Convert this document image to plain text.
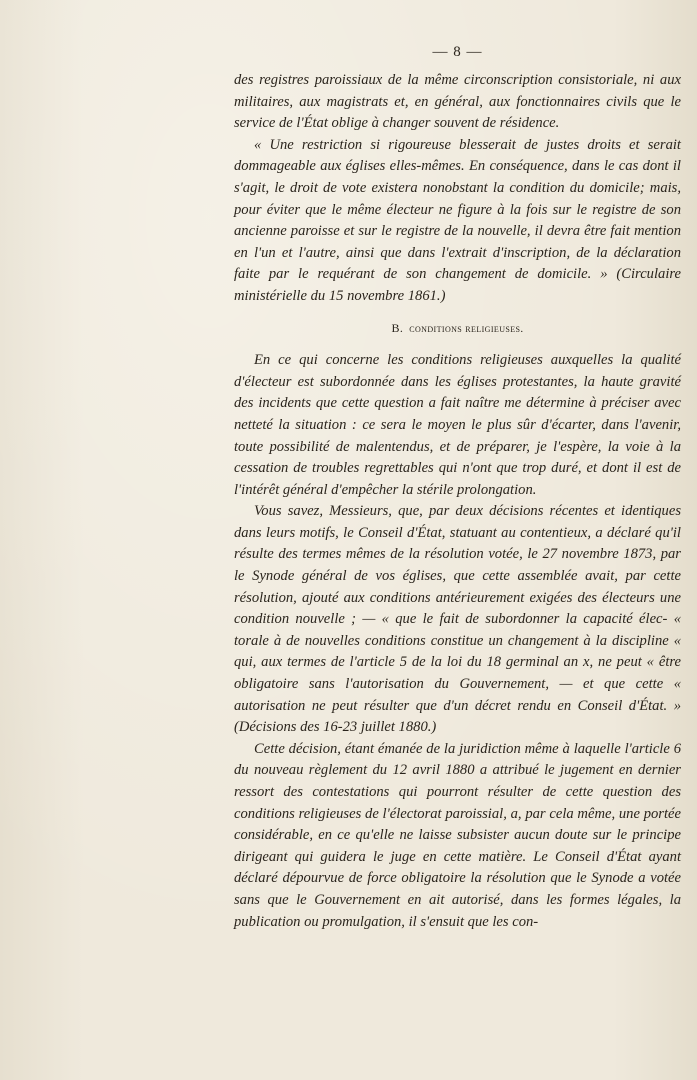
— 8 —

des registres paroissiaux de la même circonscription consistoriale, ni aux militaires, aux magistrats et, en général, aux fonctionnaires civils que le service de l'État oblige à changer souvent de résidence.

« Une restriction si rigoureuse blesserait de justes droits et serait dommageable aux églises elles-mêmes. En conséquence, dans le cas dont il s'agit, le droit de vote existera nonobstant la condition du domicile; mais, pour éviter que le même électeur ne figure à la fois sur le registre de son ancienne paroisse et sur le registre de la nouvelle, il devra être fait mention en l'un et l'autre, ainsi que dans l'extrait d'inscription, de la déclaration faite par le requérant de son changement de domicile. » (Circulaire ministérielle du 15 novembre 1861.)

B. conditions religieuses.

En ce qui concerne les conditions religieuses auxquelles la qualité d'électeur est subordonnée dans les églises protestantes, la haute gravité des incidents que cette question a fait naître me détermine à préciser avec netteté la situation : ce sera le moyen le plus sûr d'écarter, dans l'avenir, toute possibilité de malentendus, et de préparer, je l'espère, la voie à la cessation de troubles regrettables qui n'ont que trop duré, et dont il est de l'intérêt général d'empêcher la stérile prolongation.

Vous savez, Messieurs, que, par deux décisions récentes et identiques dans leurs motifs, le Conseil d'État, statuant au contentieux, a déclaré qu'il résulte des termes mêmes de la résolution votée, le 27 novembre 1873, par le Synode général de vos églises, que cette assemblée avait, par cette résolution, ajouté aux conditions antérieurement exigées des électeurs une condition nouvelle ; — « que le fait de subordonner la capacité élec- « torale à de nouvelles conditions constitue un changement à la discipline « qui, aux termes de l'article 5 de la loi du 18 germinal an x, ne peut « être obligatoire sans l'autorisation du Gouvernement, — et que cette « autorisation ne peut résulter que d'un décret rendu en Conseil d'État. » (Décisions des 16-23 juillet 1880.)

Cette décision, étant émanée de la juridiction même à laquelle l'article 6 du nouveau règlement du 12 avril 1880 a attribué le jugement en dernier ressort des contestations qui pourront résulter de cette question des conditions religieuses de l'électorat paroissial, a, par cela même, une portée considérable, en ce qu'elle ne laisse subsister aucun doute sur le principe dirigeant qui guidera le juge en cette matière. Le Conseil d'État ayant déclaré dépourvue de force obligatoire la résolution que le Synode a votée sans que le Gouvernement en ait autorisé, dans les formes légales, la publication ou promulgation, il s'ensuit que les con-
